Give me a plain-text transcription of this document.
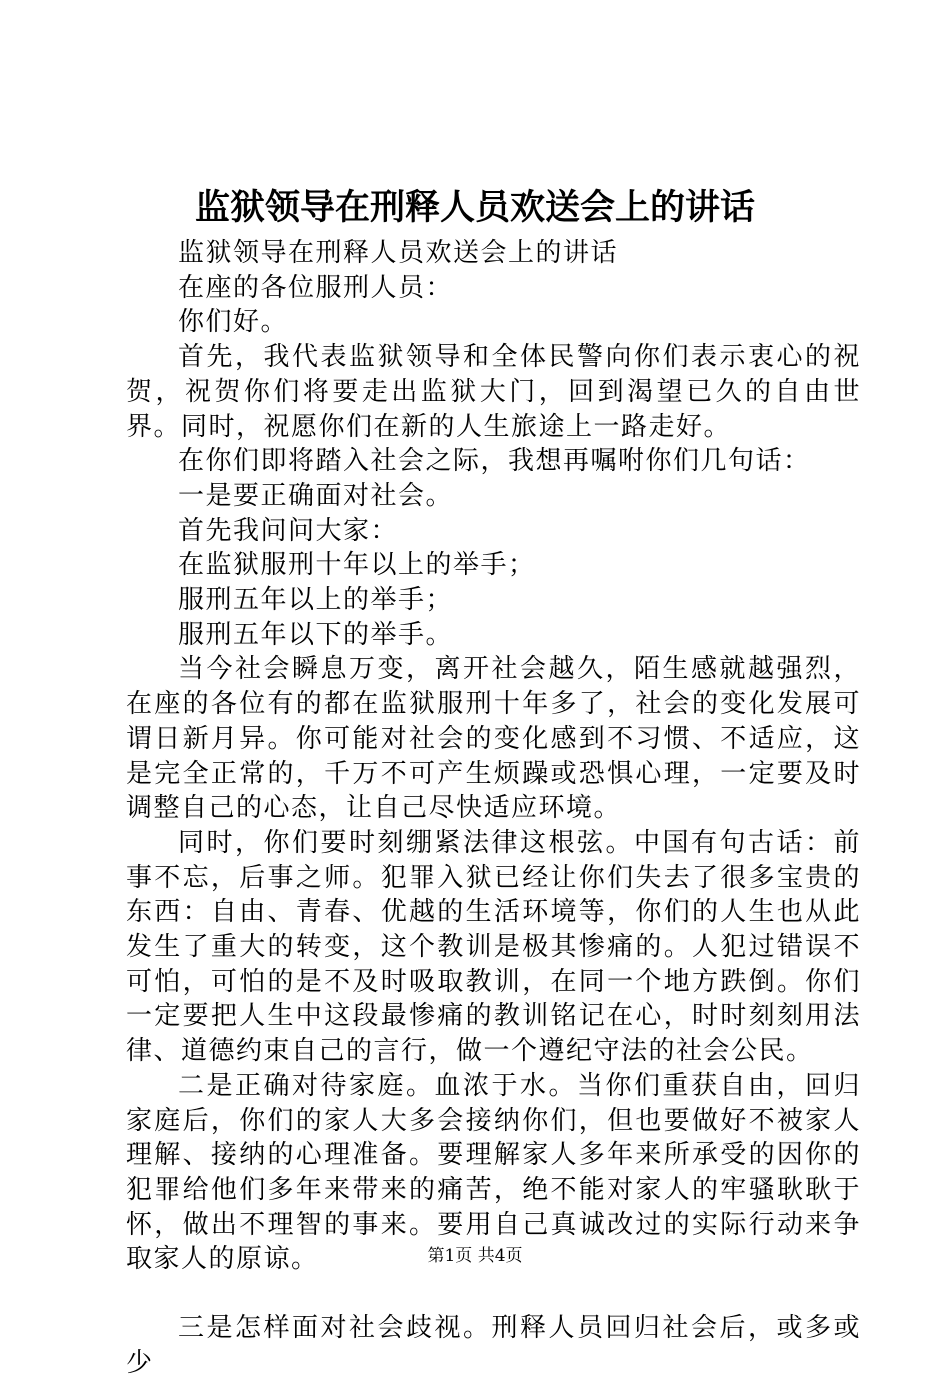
监狱领导在刑释人员欢送会上的讲话

监狱领导在刑释人员欢送会上的讲话

在座的各位服刑人员：

你们好。

首先，我代表监狱领导和全体民警向你们表示衷心的祝贺，祝贺你们将要走出监狱大门，回到渴望已久的自由世界。同时，祝愿你们在新的人生旅途上一路走好。

在你们即将踏入社会之际，我想再嘱咐你们几句话：

一是要正确面对社会。

首先我问问大家：

在监狱服刑十年以上的举手；

服刑五年以上的举手；

服刑五年以下的举手。

当今社会瞬息万变，离开社会越久，陌生感就越强烈，在座的各位有的都在监狱服刑十年多了，社会的变化发展可谓日新月异。你可能对社会的变化感到不习惯、不适应，这是完全正常的，千万不可产生烦躁或恐惧心理，一定要及时调整自己的心态，让自己尽快适应环境。

同时，你们要时刻绷紧法律这根弦。中国有句古话：前事不忘，后事之师。犯罪入狱已经让你们失去了很多宝贵的东西：自由、青春、优越的生活环境等，你们的人生也从此发生了重大的转变，这个教训是极其惨痛的。人犯过错误不可怕，可怕的是不及时吸取教训，在同一个地方跌倒。你们一定要把人生中这段最惨痛的教训铭记在心，时时刻刻用法律、道德约束自己的言行，做一个遵纪守法的社会公民。

二是正确对待家庭。血浓于水。当你们重获自由，回归家庭后，你们的家人大多会接纳你们，但也要做好不被家人理解、接纳的心理准备。要理解家人多年来所承受的因你的犯罪给他们多年来带来的痛苦，绝不能对家人的牢骚耿耿于怀，做出不理智的事来。要用自己真诚改过的实际行动来争取家人的原谅。

三是怎样面对社会歧视。刑释人员回归社会后，或多或少

第1页 共4页
